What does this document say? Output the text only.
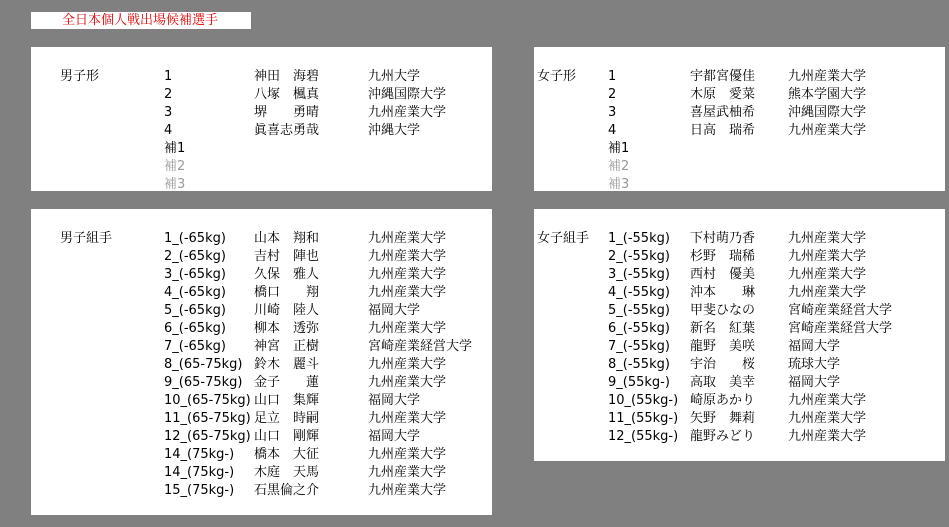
全日本個人戦出場候補選手
男子形	1	神田　海碧	九州大学
2	八塚　楓真	沖縄国際大学
3	堺　　勇晴	九州産業大学
4	眞喜志勇哉	沖縄大学
補1
補2
補3
女子形 1	宇都宮優佳	九州産業大学
2	木原　愛菜	熊本学園大学
3	喜屋武柚希	沖縄国際大学
4	日高　瑞希	九州産業大学
補1
補2
補3
男子組手	1_(-65kg) 山本　翔和	九州産業大学
2_(-65kg) 吉村　陣也	九州産業大学
3_(-65kg) 久保　雅人	九州産業大学
4_(-65kg) 橋口　　翔	九州産業大学
5_(-65kg) 川崎　陸人	福岡大学
6_(-65kg) 柳本　透弥	九州産業大学
7_(-65kg) 神宮　正樹	宮崎産業経営大学
8_(65-75kg) 鈴木　麗斗	九州産業大学
9_(65-75kg) 金子　　蓮	九州産業大学
10_(65-75kg) 山口　集輝	福岡大学
11_(65-75kg) 足立　時嗣	九州産業大学
12_(65-75kg) 山口　剛輝	福岡大学
14_(75kg-) 橋本　大征	九州産業大学
14_(75kg-) 木庭　天馬	九州産業大学
15_(75kg-) 石黒倫之介	九州産業大学
女子組手 1_(-55kg) 下村萌乃香	九州産業大学
2_(-55kg) 杉野　瑞稀	九州産業大学
3_(-55kg) 西村　優美	九州産業大学
4_(-55kg) 沖本　　琳	九州産業大学
5_(-55kg) 甲斐ひなの	宮崎産業経営大学
6_(-55kg) 新名　紅葉	宮崎産業経営大学
7_(-55kg) 龍野　美咲	福岡大学
8_(-55kg) 宇治　　桜	琉球大学
9_(55kg-) 高取　美幸	福岡大学
10_(55kg-) 崎原あかり	九州産業大学
11_(55kg-) 矢野　舞莉	九州産業大学
12_(55kg-) 龍野みどり	九州産業大学
